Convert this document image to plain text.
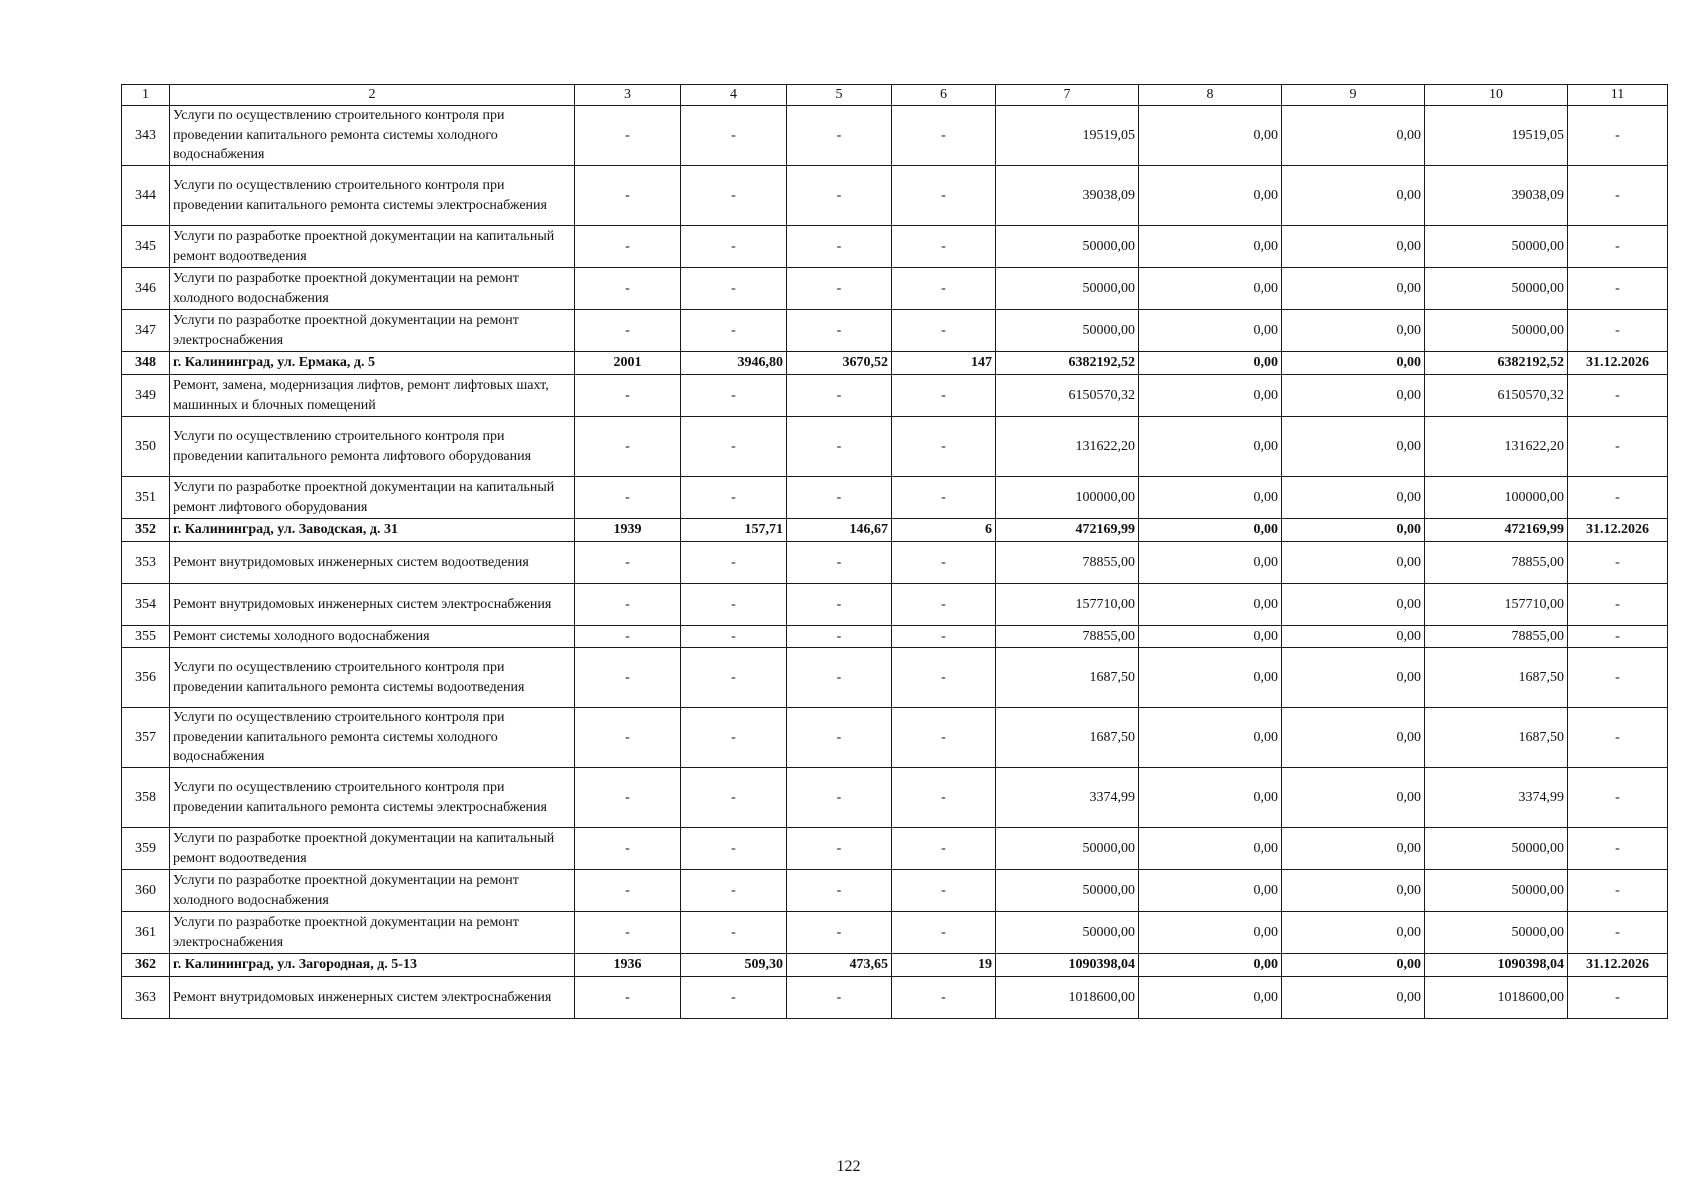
1	2	3	4	5	6	7	8	9	10	11
343	Услуги по осуществлению строительного контроля при проведении капитального ремонта системы холодного водоснабжения	-	-	-	-	19519,05	0,00	0,00	19519,05	-
344	Услуги по осуществлению строительного контроля при проведении капитального ремонта системы электроснабжения	-	-	-	-	39038,09	0,00	0,00	39038,09	-
345	Услуги по разработке проектной документации на капитальный ремонт водоотведения	-	-	-	-	50000,00	0,00	0,00	50000,00	-
346	Услуги по разработке проектной документации на ремонт холодного водоснабжения	-	-	-	-	50000,00	0,00	0,00	50000,00	-
347	Услуги по разработке проектной документации на ремонт электроснабжения	-	-	-	-	50000,00	0,00	0,00	50000,00	-
348	г. Калининград, ул. Ермака, д. 5	2001	3946,80	3670,52	147	6382192,52	0,00	0,00	6382192,52	31.12.2026
349	Ремонт, замена, модернизация лифтов, ремонт лифтовых шахт, машинных и блочных помещений	-	-	-	-	6150570,32	0,00	0,00	6150570,32	-
350	Услуги по осуществлению строительного контроля при проведении капитального ремонта лифтового оборудования	-	-	-	-	131622,20	0,00	0,00	131622,20	-
351	Услуги по разработке проектной документации на капитальный ремонт лифтового оборудования	-	-	-	-	100000,00	0,00	0,00	100000,00	-
352	г. Калининград, ул. Заводская, д. 31	1939	157,71	146,67	6	472169,99	0,00	0,00	472169,99	31.12.2026
353	Ремонт внутридомовых инженерных систем водоотведения	-	-	-	-	78855,00	0,00	0,00	78855,00	-
354	Ремонт внутридомовых инженерных систем электроснабжения	-	-	-	-	157710,00	0,00	0,00	157710,00	-
355	Ремонт системы холодного водоснабжения	-	-	-	-	78855,00	0,00	0,00	78855,00	-
356	Услуги по осуществлению строительного контроля при проведении капитального ремонта системы водоотведения	-	-	-	-	1687,50	0,00	0,00	1687,50	-
357	Услуги по осуществлению строительного контроля при проведении капитального ремонта системы холодного водоснабжения	-	-	-	-	1687,50	0,00	0,00	1687,50	-
358	Услуги по осуществлению строительного контроля при проведении капитального ремонта системы электроснабжения	-	-	-	-	3374,99	0,00	0,00	3374,99	-
359	Услуги по разработке проектной документации на капитальный ремонт водоотведения	-	-	-	-	50000,00	0,00	0,00	50000,00	-
360	Услуги по разработке проектной документации на ремонт холодного водоснабжения	-	-	-	-	50000,00	0,00	0,00	50000,00	-
361	Услуги по разработке проектной документации на ремонт электроснабжения	-	-	-	-	50000,00	0,00	0,00	50000,00	-
362	г. Калининград, ул. Загородная, д. 5-13	1936	509,30	473,65	19	1090398,04	0,00	0,00	1090398,04	31.12.2026
363	Ремонт внутридомовых инженерных систем электроснабжения	-	-	-	-	1018600,00	0,00	0,00	1018600,00	-
122
